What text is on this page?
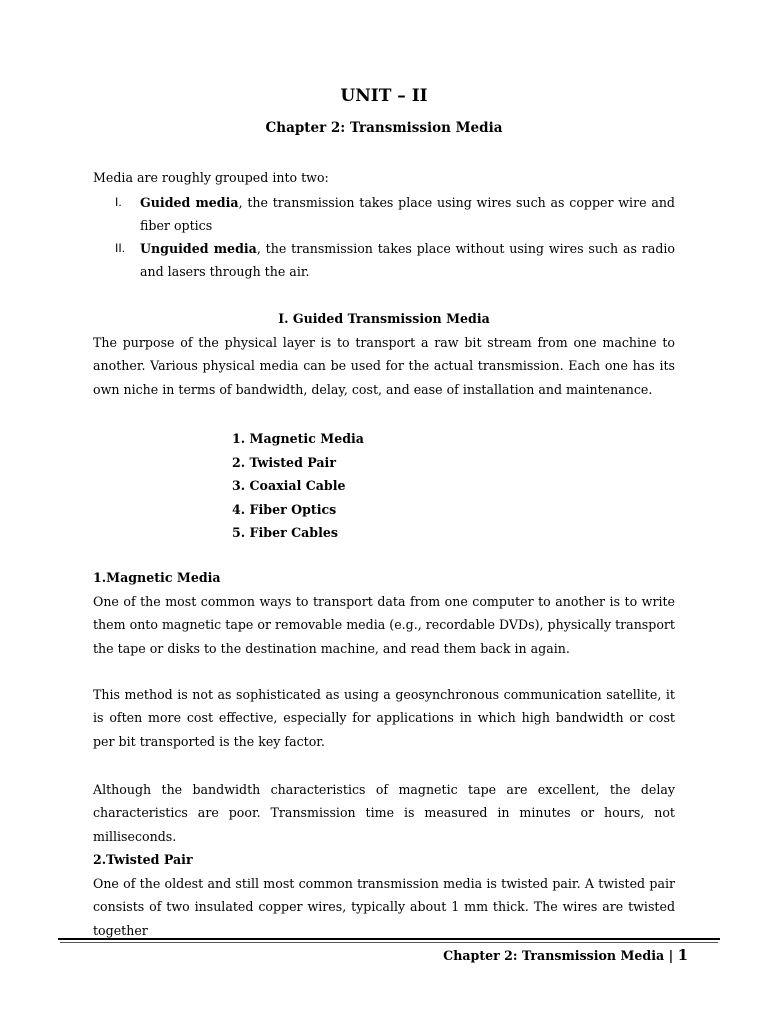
UNIT – II
Chapter 2: Transmission Media
Media are roughly grouped into two:
I.	Guided media, the transmission takes place using wires such as copper wire and fiber optics
II.	Unguided media, the transmission takes place without using wires such as radio and lasers through the air.
I. Guided Transmission Media
The purpose of the physical layer is to transport a raw bit stream from one machine to another. Various physical media can be used for the actual transmission. Each one has its own niche in terms of bandwidth, delay, cost, and ease of installation and maintenance.
1. Magnetic Media
2. Twisted Pair
3. Coaxial Cable
4. Fiber Optics
5. Fiber Cables
1.Magnetic Media
One of the most common ways to transport data from one computer to another is to write them onto magnetic tape or removable media (e.g., recordable DVDs), physically transport the tape or disks to the destination machine, and read them back in again.
This method is not as sophisticated as using a geosynchronous communication satellite, it is often more cost effective, especially for applications in which high bandwidth or cost per bit transported is the key factor.
Although the bandwidth characteristics of magnetic tape are excellent, the delay characteristics are poor. Transmission time is measured in minutes or hours, not milliseconds.
2.Twisted Pair
One of the oldest and still most common transmission media is twisted pair. A twisted pair consists of two insulated copper wires, typically about 1 mm thick. The wires are twisted together
Chapter 2: Transmission Media | 1
